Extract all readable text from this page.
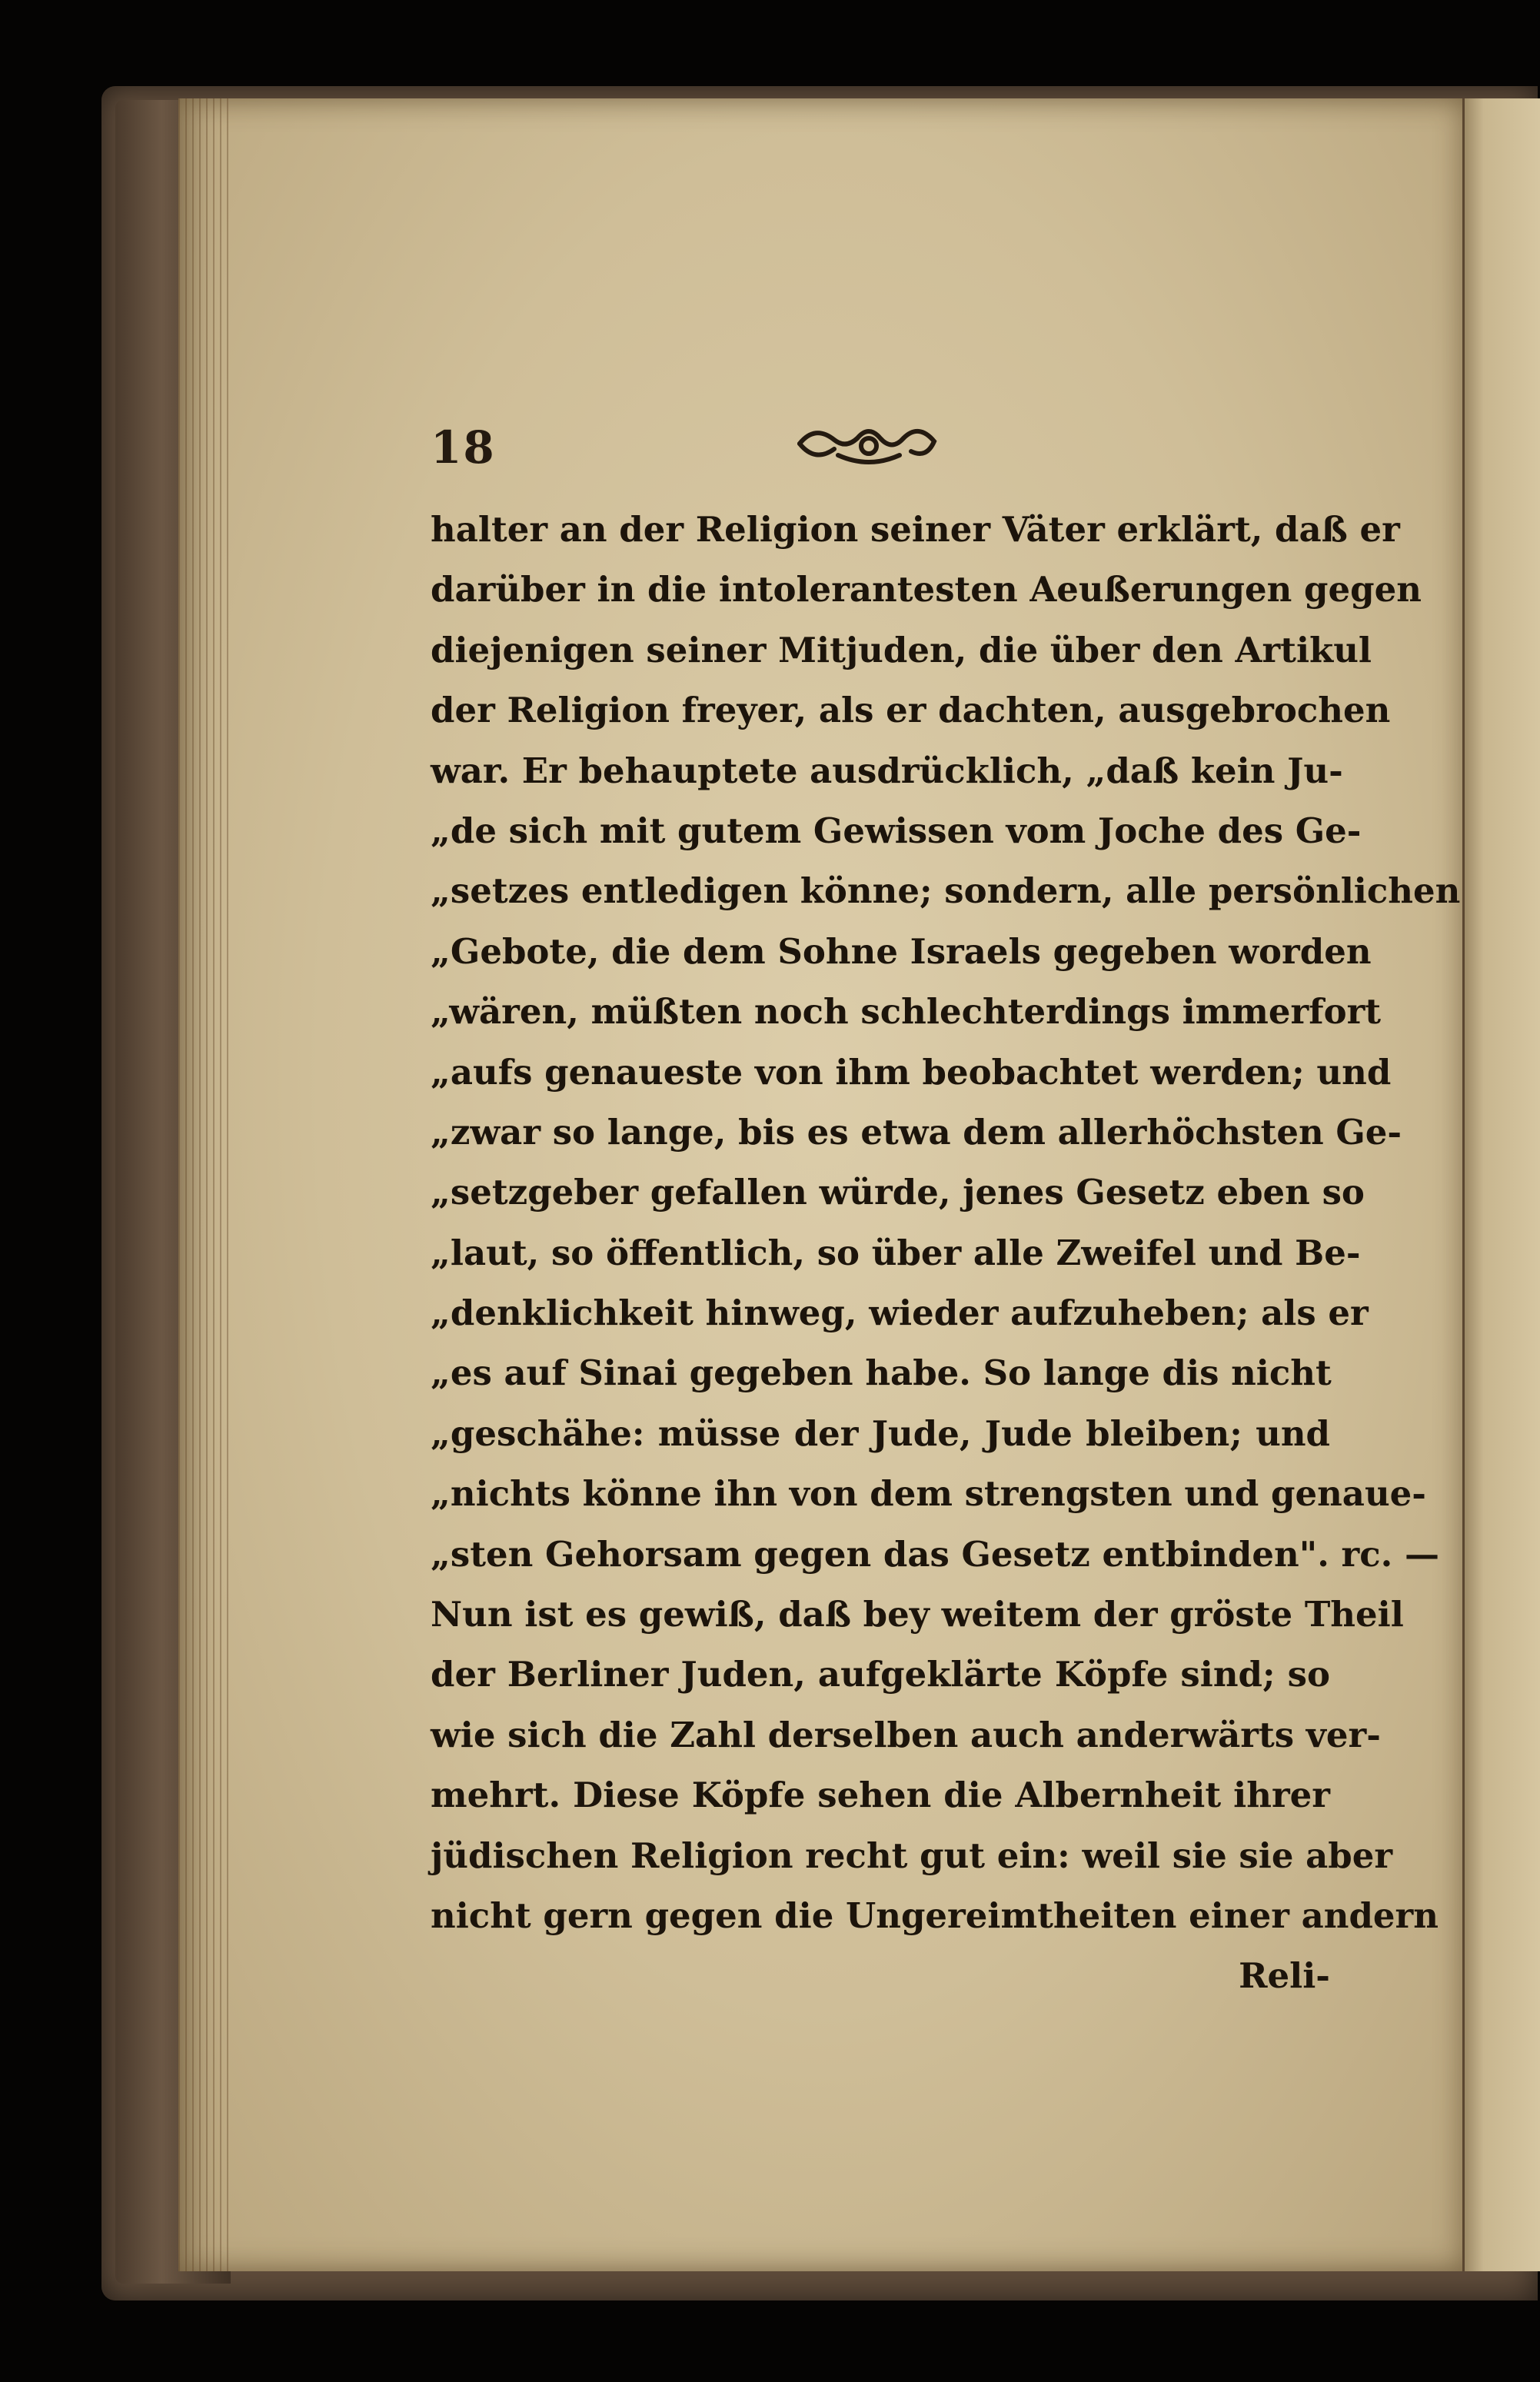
18
halter an der Religion seiner Väter erklärt, daß er
darüber in die intolerantesten Aeußerungen gegen
diejenigen seiner Mitjuden, die über den Artikul
der Religion freyer, als er dachten, ausgebrochen
war. Er behauptete ausdrücklich, „daß kein Ju-
„de sich mit gutem Gewissen vom Joche des Ge-
„setzes entledigen könne; sondern, alle persönlichen
„Gebote, die dem Sohne Israels gegeben worden
„wären, müßten noch schlechterdings immerfort
„aufs genaueste von ihm beobachtet werden; und
„zwar so lange, bis es etwa dem allerhöchsten Ge-
„setzgeber gefallen würde, jenes Gesetz eben so
„laut, so öffentlich, so über alle Zweifel und Be-
„denklichkeit hinweg, wieder aufzuheben; als er
„es auf Sinai gegeben habe. So lange dis nicht
„geschähe: müsse der Jude, Jude bleiben; und
„nichts könne ihn von dem strengsten und genaue-
„sten Gehorsam gegen das Gesetz entbinden". rc. —
Nun ist es gewiß, daß bey weitem der gröste Theil
der Berliner Juden, aufgeklärte Köpfe sind; so
wie sich die Zahl derselben auch anderwärts ver-
mehrt. Diese Köpfe sehen die Albernheit ihrer
jüdischen Religion recht gut ein: weil sie sie aber
nicht gern gegen die Ungereimtheiten einer andern
Reli-
